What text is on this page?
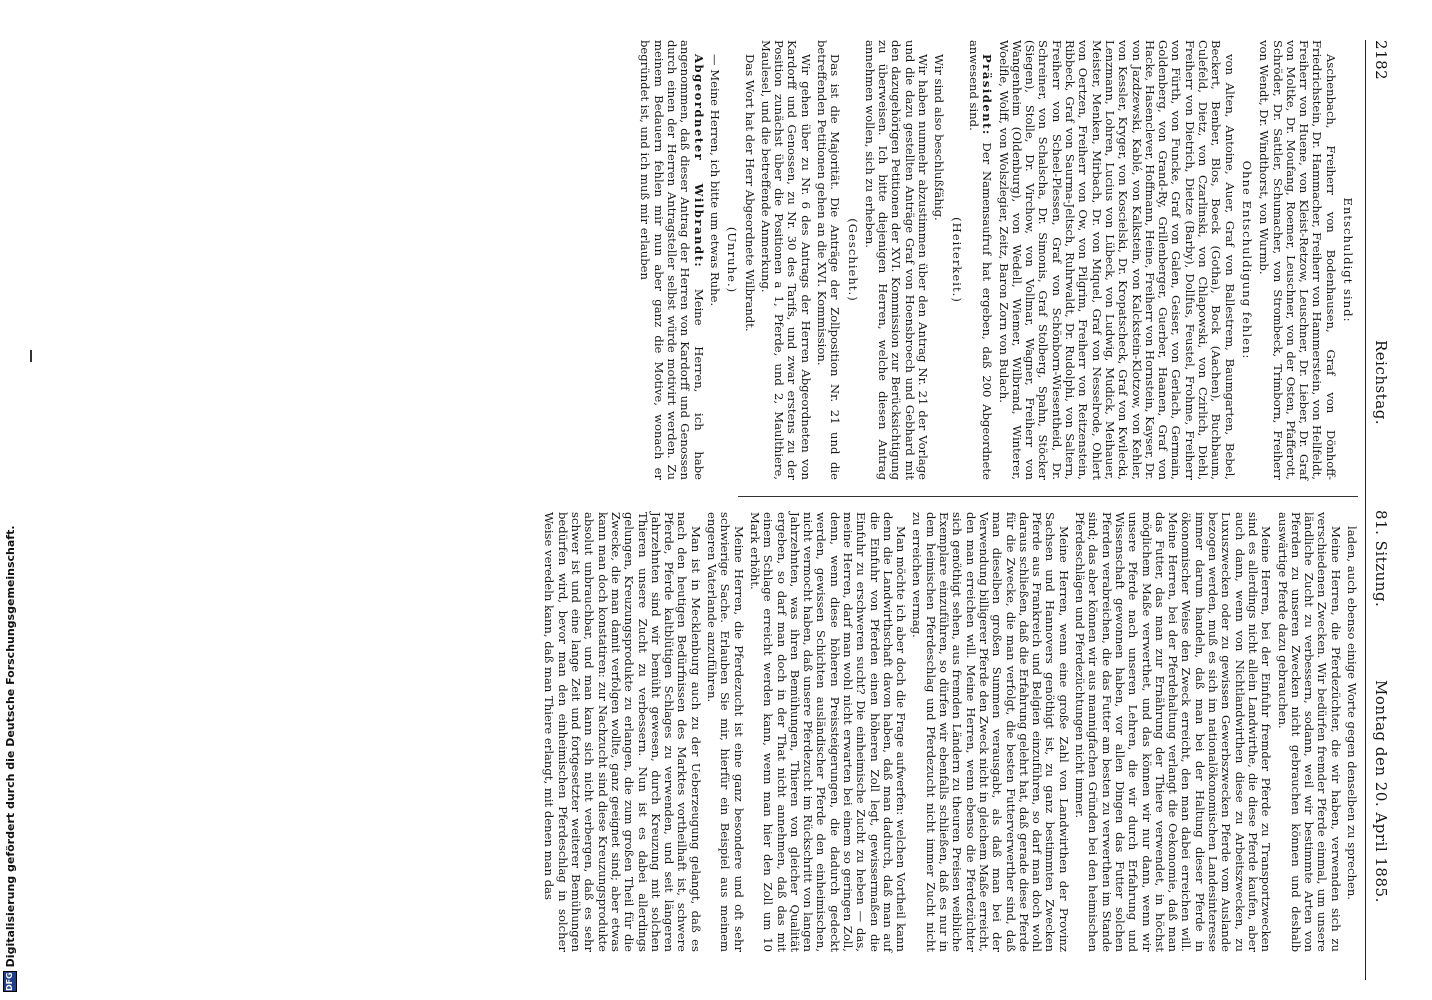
2182
Reichstag.
81. Sitzung.
Montag den 20. April 1885.

Entschuldigt sind:

Aschenbach, Freiherr von Bodenhausen, Graf von Dönhoff-Friedrichstein, Dr. Hammacher, Freiherr von Hammerstein, von Hellfeldt, Freiherr von Huene, von Kleist-Retzow, Leuschner, Dr. Lieber, Dr. Graf von Moltke, Dr. Moufang, Roemer, Leuschner, von der Osten, Pfafferott, Schröder, Dr. Sattler, Schumacher, von Strombeck, Trimborn, Freiherr von Wendt, Dr. Windthorst, von Wurmb.

Ohne Entschuldigung fehlen:

von Alten, Antoine, Auer, Graf von Ballestrem, Baumgarten, Bebel, Beckert, Benber, Blos, Boeck (Gotha), Bock (Aachen), Buchbaum, Culefeld, Dietz, von Czarlinski, von Chlapowski, von Czirlich, Diehl, Freiherr von Dietrich, Dietze (Barby), Dollfus, Feustel, Frohme, Freiherr von Fürth, von Funcke, Graf von Galen, Geiser, von Gerlach, Germain, Goldenberg, von Grand-Ry, Grillenberger, Guerber, Haanen, Graf von Hacke, Hasenclever, Hoffmann, Heine, Freiherr von Hornstein, Kayser, Dr. von Jazdzewski, Kablé, von Kalkstein, von Kalckstein-Klotzow, von Kehler, von Kessler, Kryger, von Koscielski, Dr. Kropatscheck, Graf von Kwilecki, Lenzmann, Lohren, Lucius von Lübeck, von Ludwig, Mudick, Meihauer, Meister, Menken, Mirbach, Dr. von Miquel, Graf von Nesselrode, Ohlert von Oertzen, Freiherr von Ow, von Pilgrim, Freiherr von Reitzenstein, Ribbeck, Graf von Saurma-Jeltsch, Ruhrwaldt, Dr. Rudolphi, von Saltern, Freiherr von Scheel-Plessen, Graf von Schönborn-Wiesentheid, Dr. Schreiner, von Schalscha, Dr. Simonis, Graf Stolberg, Spahn, Stöcker (Siegen), Stolle, Dr. Virchow, von Vollmar, Wagner, Freiherr von Wangenheim (Oldenburg), von Wedell, Wiemer, Wilbrand, Winterer, Woelfle, Wolff, von Wolszlegier, Zeitz, Baron Zorn von Bulach.

Präsident: Der Namensaufruf hat ergeben, daß 200 Abgeordnete anwesend sind.

(Heiterkeit.)

Wir sind also beschlußfähig.

Wir haben nunmehr abzustimmen über den Antrag Nr. 21 der Vorlage und die dazu gestellten Anträge Graf von Hoensbroech und Gebhard mit den dazugehörigen Petitionen der XVI. Kommission zur Berücksichtigung zu überweisen. Ich bitte diejenigen Herren, welche diesen Antrag annehmen wollen, sich zu erheben.

(Geschieht.)

Das ist die Majorität. Die Anträge der Zollposition Nr. 21 und die betreffenden Petitionen gehen an die XVI. Kommission.

Wir gehen über zu Nr. 6 des Antrags der Herren Abgeordneten von Kardorff und Genossen, zu Nr. 30 des Tarifs, und zwar erstens zu der Position zunächst über die Positionen a 1, Pferde, und 2, Maulthiere, Maulesel, und die betreffende Anmerkung.

Das Wort hat der Herr Abgeordnete Wilbrandt.

(Unruhe.)

— Meine Herren, ich bitte um etwas Ruhe.

Abgeordneter Wilbrandt: Meine Herren, ich habe angenommen, daß dieser Antrag der Herren von Kardorff und Genossen durch einen der Herren Antragsteller selbst würde motivirt werden. Zu meinem Bedauern fehlen mir nun aber ganz die Motive, wonach er begründet ist, und ich muß mir erlauben

laden, auch ebenso einige Worte gegen denselben zu sprechen.

Meine Herren, die Pferdezüchter, die wir haben, verwenden sich zu verschiedenen Zwecken. Wir bedürfen fremder Pferde einmal, um unsere ländliche Zucht zu verbessern, sodann, weil wir bestimmte Arten von Pferden zu unseren Zwecken nicht gebrauchen können und deshalb auswärtige Pferde dazu gebrauchen.

Meine Herren, bei der Einfuhr fremder Pferde zu Transportzwecken sind es allerdings nicht allein Landwirthe, die diese Pferde kaufen, aber auch dann, wenn von Nichtlandwirthen diese zu Arbeitszwecken, zu Luxuszwecken oder zu gewissen Gewerbszwecken Pferde vom Auslande bezogen werden, muß es sich im nationalökonomischen Landesinteresse immer darum handeln, daß man bei der Haltung dieser Pferde in ökonomischer Weise den Zweck erreicht, den man dabei erreichen will. Meine Herren, bei der Pferdehaltung verlangt die Oekonomie, daß man das Futter, das man zur Ernährung der Thiere verwendet, in höchst möglichem Maße verwerthet, und das können wir nur dann, wenn wir unsere Pferde nach unseren Lehren, die wir durch Erfahrung und Wissenschaft gewonnen haben, vor allen Dingen das Futter solchen Pferden verabreichen, die das Futter am besten zu verwerthen im Stande sind; das aber können wir aus mannigfachen Gründen bei den heimischen Pferdeschlägen und Pferdezüchtungen nicht immer.

Meine Herren, wenn eine große Zahl von Landwirthen der Provinz Sachsen und Hannovers genöthigt ist, zu ganz bestimmten Zwecken Pferde aus Frankreich und Belgien einzuführen, so darf man doch wohl daraus schließen, daß die Erfahrung gelehrt hat, daß gerade diese Pferde für die Zwecke, die man verfolgt, die besten Futterverwerther sind, daß man dieselben großen Summen verausgabt, als daß man bei der Verwendung billigerer Pferde den Zweck nicht in gleichem Maße erreicht, den man erreichen will. Meine Herren, wenn ebenso die Pferdezüchter sich genöthigt sehen, aus fremden Ländern zu theuren Preisen weibliche Exemplare einzuführen, so dürfen wir ebenfalls schließen, daß es nur in dem heimischen Pferdeschlag und Pferdezucht nicht immer Zucht nicht zu erreichen vermag.

Man möchte ich aber doch die Frage aufwerfen: welchen Vortheil kann denn die Landwirthschaft davon haben, daß man dadurch, daß man auf die Einfuhr von Pferden einen höheren Zoll legt, gewissermaßen die Einfuhr zu erschweren sucht? Die einheimische Zucht zu heben — das, meine Herren, darf man wohl nicht erwarten bei einem so geringen Zoll, denn, wenn diese höheren Preissteigerungen, die dadurch gedeckt werden, gewissen Schichten ausländischer Pferde den einheimischen, nicht vermocht haben, daß unsere Pferdezucht im Rückschritt von langen Jahrzehnten, was ihren Bemühungen, Thieren von gleicher Qualität ergeben, so darf man doch in der That nicht annehmen, daß das mit einem Schlage erreicht werden kann, wenn man hier den Zoll um 10 Mark erhöht.

Meine Herren, die Pferdezucht ist eine ganz besondere und oft sehr schwierige Sache. Erlauben Sie mir, hierfür ein Beispiel aus meinem engeren Vaterlande anzuführen.

Man ist in Mecklenburg auch zu der Ueberzeugung gelangt, daß es nach den heutigen Bedürfnissen des Marktes vortheilhaft ist, schwere Pferde, Pferde kaltblütigen Schlages zu verwenden, und seit längeren Jahrzehnten sind wir bemüht gewesen, durch Kreuzung mit solchen Thieren unsere Zucht zu verbessern. Nun ist es dabei allerdings gelungen, Kreuzungsprodukte zu erlangen, die zum großen Theil für die Zwecke, die man damit verfolgen wollte, ganz geeignet sind; aber etwas kann man doch konstatiren: zur Nachzucht sind diese Kreuzungsprodukte absolut unbrauchbar, und man kann sich nicht verbergen, daß es sehr schwer ist und eine lange Zeit und fortgesetzter weiterer Bemühungen bedürfen wird, bevor man den einheimischen Pferdeschlag in solcher Weise veredeln kann, daß man Thiere erlangt, mit denen man das

DFG
Digitalisierung gefördert durch die Deutsche Forschungsgemeinschaft.
